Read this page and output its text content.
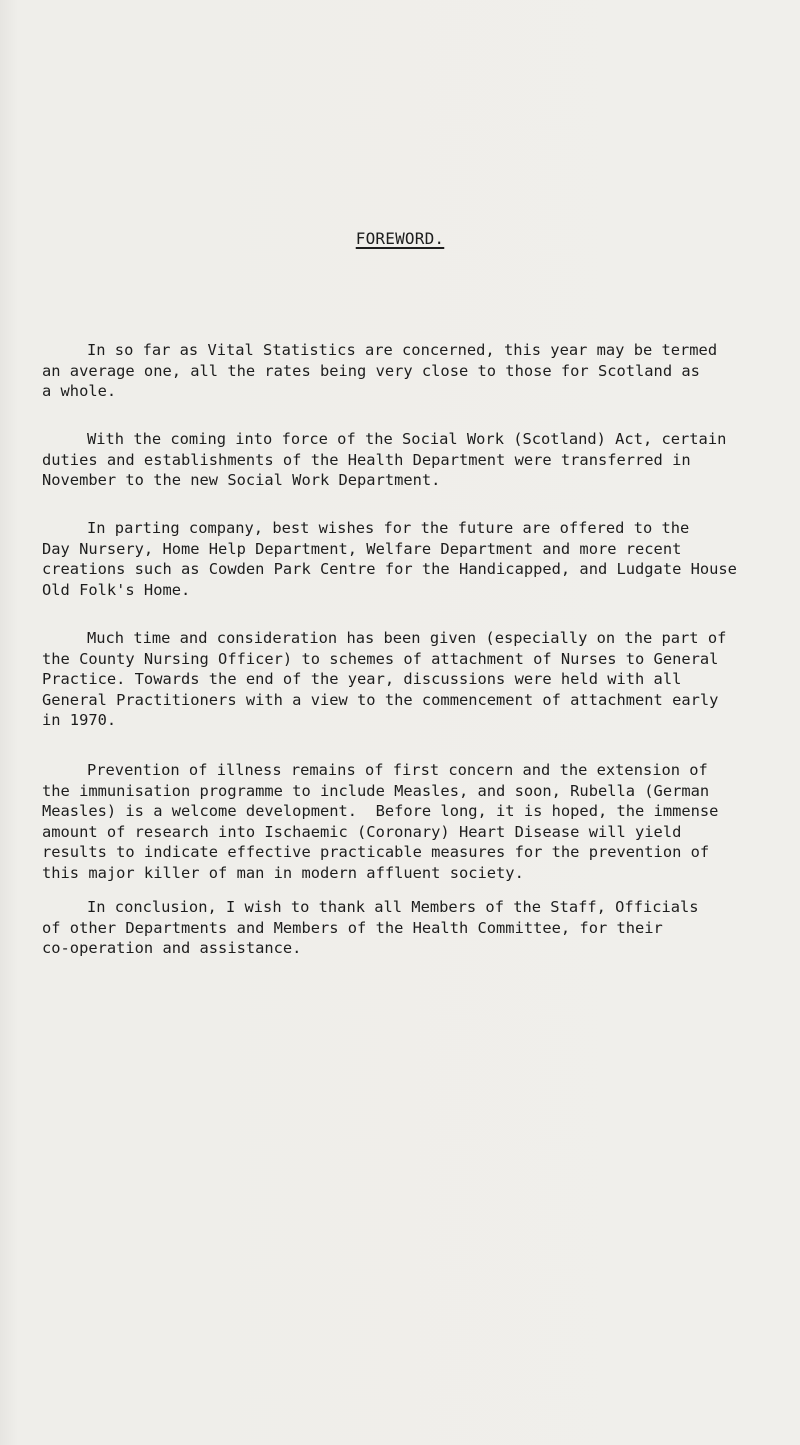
FOREWORD.
In so far as Vital Statistics are concerned, this year may be termed
an average one, all the rates being very close to those for Scotland as
a whole.
With the coming into force of the Social Work (Scotland) Act, certain
duties and establishments of the Health Department were transferred in
November to the new Social Work Department.
In parting company, best wishes for the future are offered to the
Day Nursery, Home Help Department, Welfare Department and more recent
creations such as Cowden Park Centre for the Handicapped, and Ludgate House
Old Folk's Home.
Much time and consideration has been given (especially on the part of
the County Nursing Officer) to schemes of attachment of Nurses to General
Practice. Towards the end of the year, discussions were held with all
General Practitioners with a view to the commencement of attachment early
in 1970.
Prevention of illness remains of first concern and the extension of
the immunisation programme to include Measles, and soon, Rubella (German
Measles) is a welcome development.  Before long, it is hoped, the immense
amount of research into Ischaemic (Coronary) Heart Disease will yield
results to indicate effective practicable measures for the prevention of
this major killer of man in modern affluent society.
In conclusion, I wish to thank all Members of the Staff, Officials
of other Departments and Members of the Health Committee, for their
co-operation and assistance.
